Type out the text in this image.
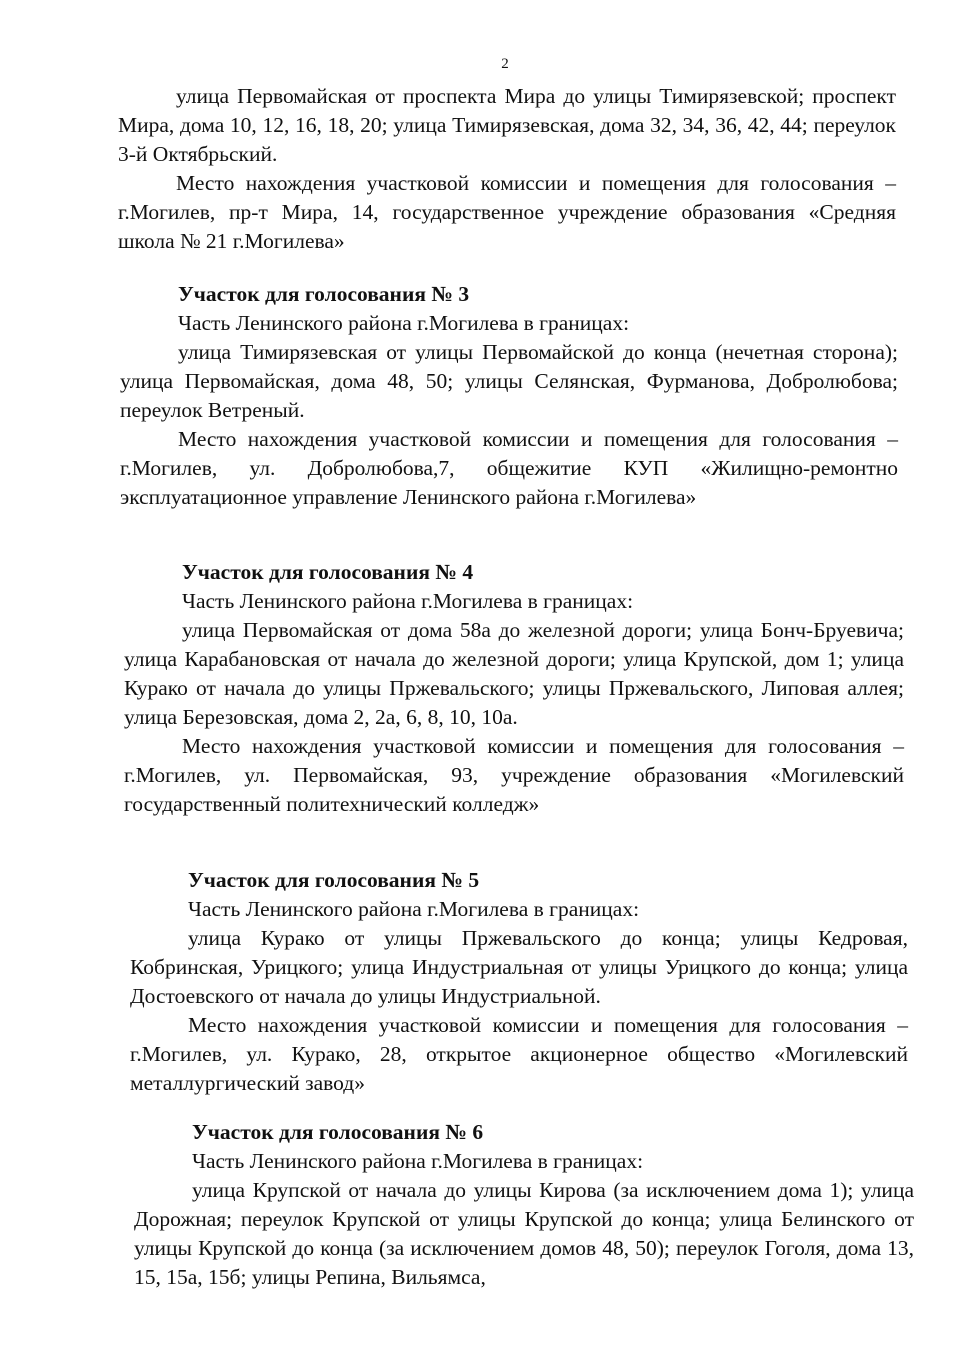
2

улица Первомайская от проспекта Мира до улицы Тимирязевской; проспект Мира, дома 10, 12, 16, 18, 20; улица Тимирязевская, дома 32, 34, 36, 42, 44; переулок 3-й Октябрьский.

Место нахождения участковой комиссии и помещения для голосования – г.Могилев, пр-т Мира, 14, государственное учреждение образования «Средняя школа № 21 г.Могилева»

Участок для голосования № 3

Часть Ленинского района г.Могилева в границах:

улица Тимирязевская от улицы Первомайской до конца (нечетная сторона); улица Первомайская, дома 48, 50; улицы Селянская, Фурманова, Добролюбова; переулок Ветреный.

Место нахождения участковой комиссии и помещения для голосования – г.Могилев, ул. Добролюбова,7, общежитие КУП «Жилищно-ремонтно эксплуатационное управление Ленинского района г.Могилева»

Участок для голосования № 4

Часть Ленинского района г.Могилева в границах:

улица Первомайская от дома 58а до железной дороги; улица Бонч-Бруевича; улица Карабановская от начала до железной дороги; улица Крупской, дом 1; улица Курако от начала до улицы Пржевальского; улицы Пржевальского, Липовая аллея; улица Березовская, дома 2, 2а, 6, 8, 10, 10а.

Место нахождения участковой комиссии и помещения для голосования – г.Могилев, ул. Первомайская, 93, учреждение образования «Могилевский государственный политехнический колледж»

Участок для голосования № 5

Часть Ленинского района г.Могилева в границах:

улица Курако от улицы Пржевальского до конца; улицы Кедровая, Кобринская, Урицкого; улица Индустриальная от улицы Урицкого до конца; улица Достоевского от начала до улицы Индустриальной.

Место нахождения участковой комиссии и помещения для голосования – г.Могилев, ул. Курако, 28, открытое акционерное общество «Могилевский металлургический завод»

Участок для голосования № 6

Часть Ленинского района г.Могилева в границах:

улица Крупской от начала до улицы Кирова (за исключением дома 1); улица Дорожная; переулок Крупской от улицы Крупской до конца; улица Белинского от улицы Крупской до конца (за исключением домов 48, 50); переулок Гоголя, дома 13, 15, 15а, 15б; улицы Репина, Вильямса,
